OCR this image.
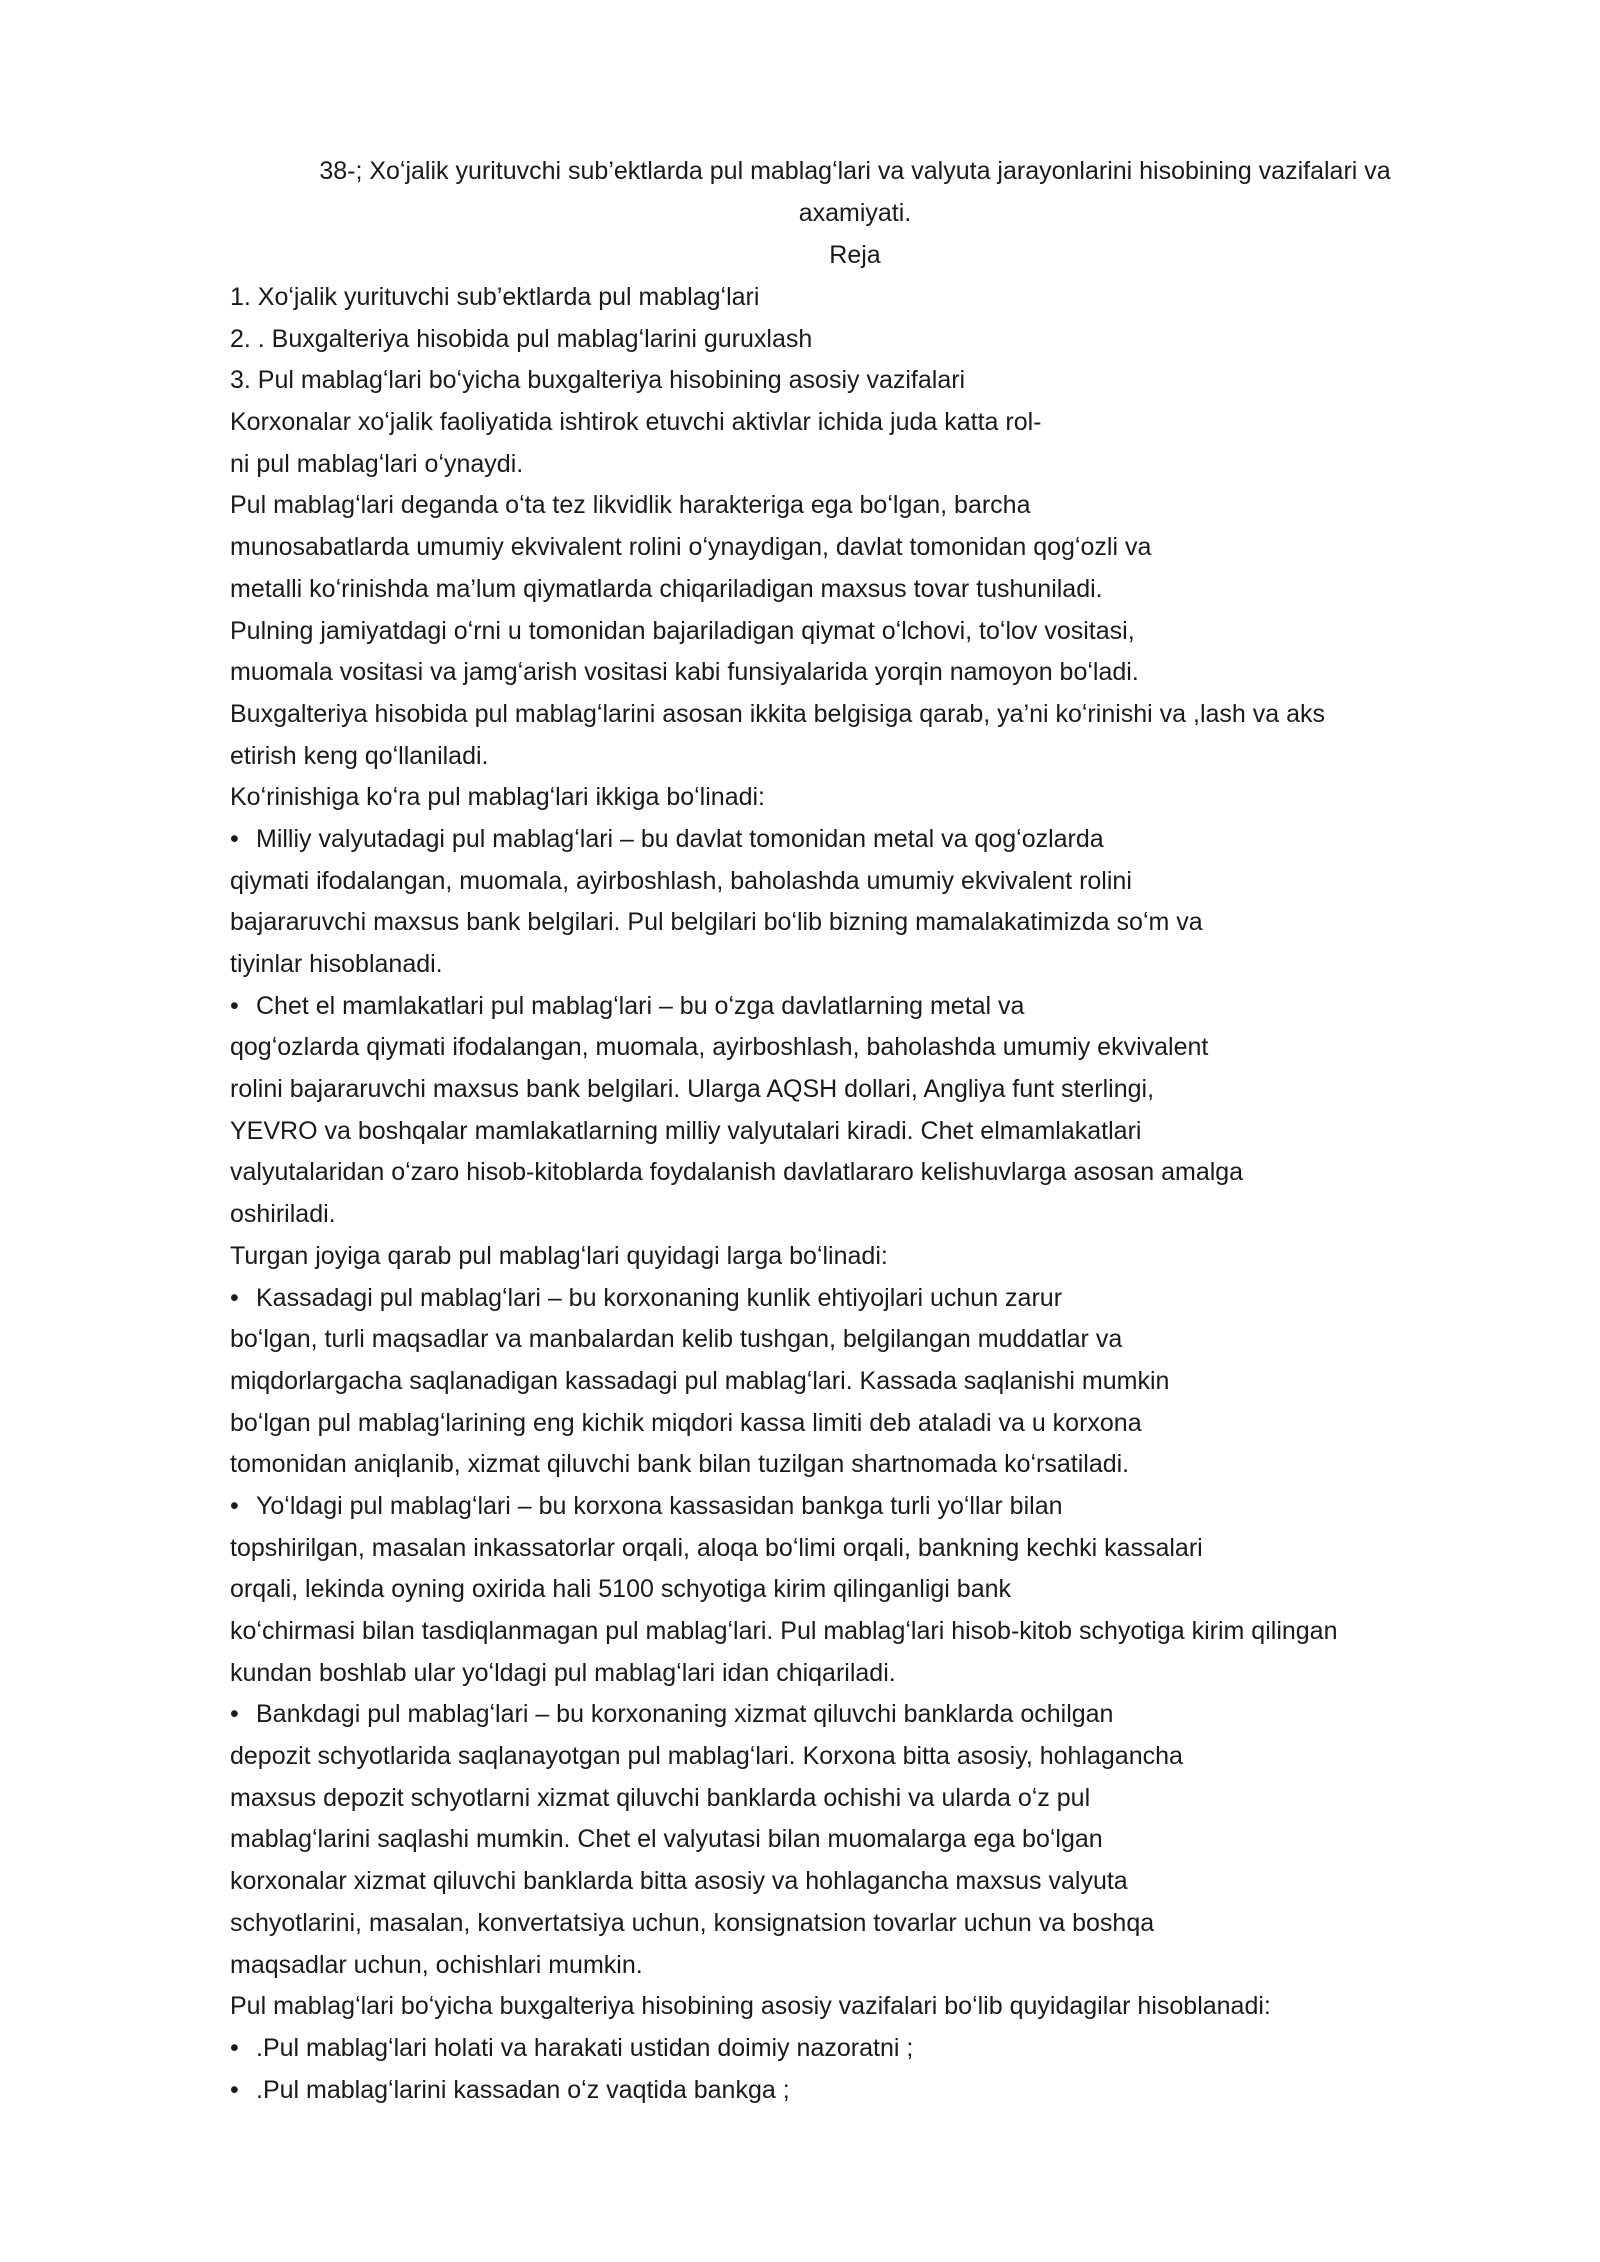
38-; Xoʻjalik yurituvchi sub’ektlarda pul mablagʻlari va valyuta jarayonlarini hisobining vazifalari va
axamiyati.
Reja
1. Xoʻjalik yurituvchi sub’ektlarda pul mablagʻlari
2. . Buxgalteriya hisobida pul mablagʻlarini guruxlash
3. Pul mablagʻlari boʻyicha buxgalteriya hisobining asosiy vazifalari
Korxonalar xoʻjalik faoliyatida ishtirok etuvchi aktivlar ichida juda katta rol-
ni pul mablagʻlari oʻynaydi.
Pul mablagʻlari deganda oʻta tez likvidlik harakteriga ega boʻlgan, barcha
munosabatlarda umumiy ekvivalent rolini oʻynaydigan, davlat tomonidan qogʻozli va
metalli koʻrinishda ma’lum qiymatlarda chiqariladigan maxsus tovar tushuniladi.
Pulning jamiyatdagi oʻrni u tomonidan bajariladigan qiymat oʻlchovi, toʻlov vositasi,
muomala vositasi va jamgʻarish vositasi kabi funsiyalarida yorqin namoyon boʻladi.
Buxgalteriya hisobida pul mablagʻlarini asosan ikkita belgisiga qarab, ya’ni koʻrinishi va ,lash va aks
etirish keng qoʻllaniladi.
Koʻrinishiga koʻra pul mablagʻlari ikkiga boʻlinadi:
• Milliy valyutadagi pul mablagʻlari – bu davlat tomonidan metal va qogʻozlarda
qiymati ifodalangan, muomala, ayirboshlash, baholashda umumiy ekvivalent rolini
bajararuvchi maxsus bank belgilari. Pul belgilari boʻlib bizning mamalakatimizda soʻm va
tiyinlar hisoblanadi.
• Chet el mamlakatlari pul mablagʻlari – bu oʻzga davlatlarning metal va
qogʻozlarda qiymati ifodalangan, muomala, ayirboshlash, baholashda umumiy ekvivalent
rolini bajararuvchi maxsus bank belgilari. Ularga AQSH dollari, Angliya funt sterlingi,
YEVRO va boshqalar mamlakatlarning milliy valyutalari kiradi. Chet elmamlakatlari
valyutalaridan oʻzaro hisob-kitoblarda foydalanish davlatlararo kelishuvlarga asosan amalga
oshiriladi.
Turgan joyiga qarab pul mablagʻlari quyidagi larga boʻlinadi:
• Kassadagi pul mablagʻlari – bu korxonaning kunlik ehtiyojlari uchun zarur
boʻlgan, turli maqsadlar va manbalardan kelib tushgan, belgilangan muddatlar va
miqdorlargacha saqlanadigan kassadagi pul mablagʻlari. Kassada saqlanishi mumkin
boʻlgan pul mablagʻlarining eng kichik miqdori kassa limiti deb ataladi va u korxona
tomonidan aniqlanib, xizmat qiluvchi bank bilan tuzilgan shartnomada koʻrsatiladi.
• Yoʻldagi pul mablagʻlari – bu korxona kassasidan bankga turli yoʻllar bilan
topshirilgan, masalan inkassatorlar orqali, aloqa boʻlimi orqali, bankning kechki kassalari
orqali, lekinda oyning oxirida hali 5100 schyotiga kirim qilinganligi bank
koʻchirmasi bilan tasdiqlanmagan pul mablagʻlari. Pul mablagʻlari hisob-kitob schyotiga kirim qilingan
kundan boshlab ular yoʻldagi pul mablagʻlari idan chiqariladi.
• Bankdagi pul mablagʻlari – bu korxonaning xizmat qiluvchi banklarda ochilgan
depozit schyotlarida saqlanayotgan pul mablagʻlari. Korxona bitta asosiy, hohlagancha
maxsus depozit schyotlarni xizmat qiluvchi banklarda ochishi va ularda oʻz pul
mablagʻlarini saqlashi mumkin. Chet el valyutasi bilan muomalarga ega boʻlgan
korxonalar xizmat qiluvchi banklarda bitta asosiy va hohlagancha maxsus valyuta
schyotlarini, masalan, konvertatsiya uchun, konsignatsion tovarlar uchun va boshqa
maqsadlar uchun, ochishlari mumkin.
Pul mablagʻlari boʻyicha buxgalteriya hisobining asosiy vazifalari boʻlib quyidagilar hisoblanadi:
• .Pul mablagʻlari holati va harakati ustidan doimiy nazoratni ;
• .Pul mablagʻlarini kassadan oʻz vaqtida bankga ;
